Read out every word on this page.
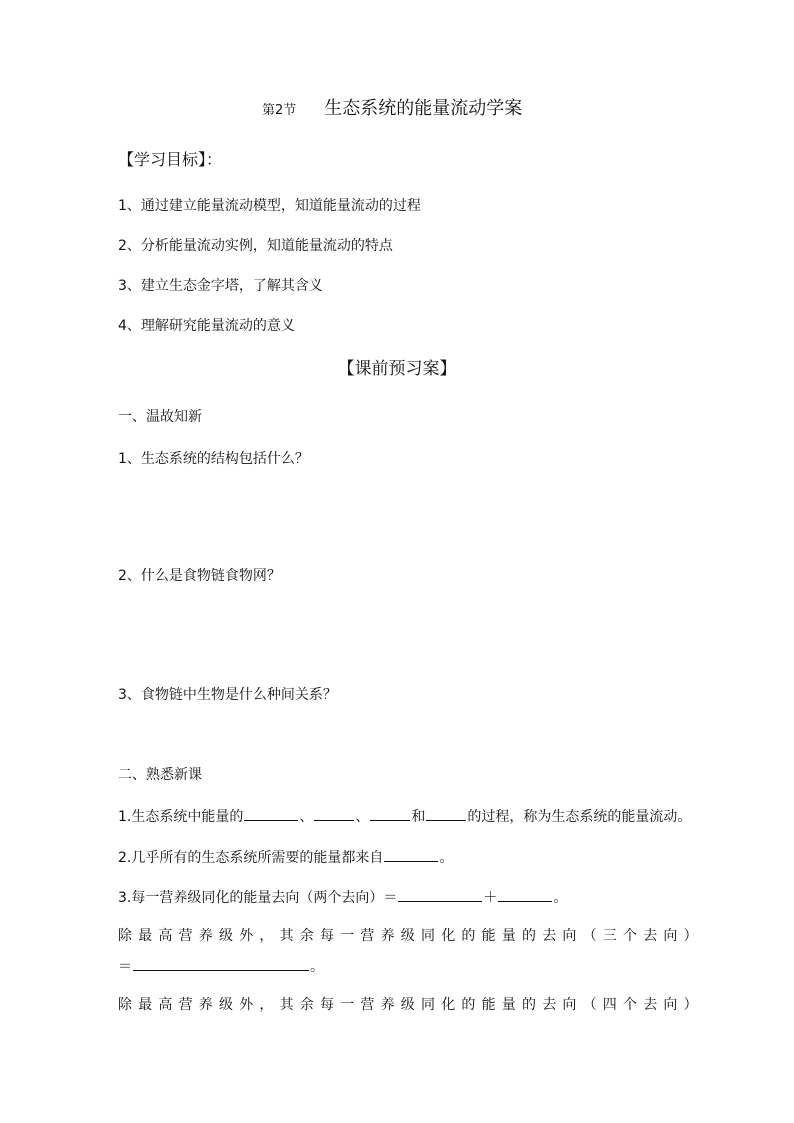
第2节 生态系统的能量流动学案
【学习目标】：
1、通过建立能量流动模型，知道能量流动的过程
2、分析能量流动实例，知道能量流动的特点
3、建立生态金字塔，了解其含义
4、理解研究能量流动的意义
【课前预习案】
一、温故知新
1、生态系统的结构包括什么？
2、什么是食物链食物网？
3、食物链中生物是什么种间关系？
二、熟悉新课
1.生态系统中能量的	、	、	和	的过程，称为生态系统的能量流动。
2.几乎所有的生态系统所需要的能量都来自	。
3.每一营养级同化的能量去向（两个去向）＝	＋	。
除最高营养级外，其余每一营养级同化的能量的去向（三个去向）
＝	。
除最高营养级外，其余每一营养级同化的能量的去向（四个去向）
